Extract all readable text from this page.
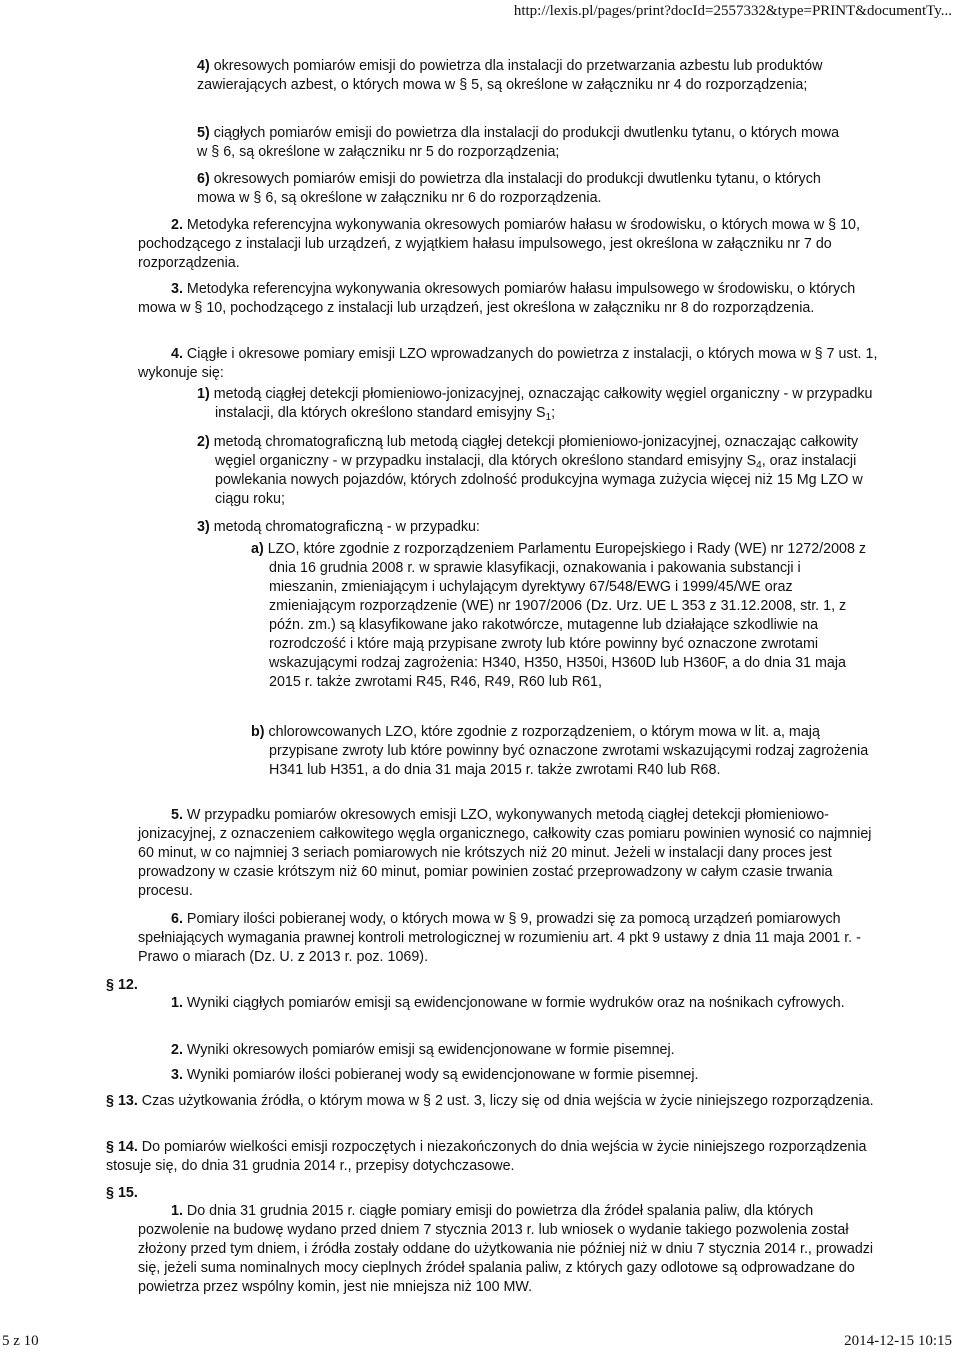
http://lexis.pl/pages/print?docId=2557332&type=PRINT&documentTy...

4) okresowych pomiarów emisji do powietrza dla instalacji do przetwarzania azbestu lub produktów zawierających azbest, o których mowa w § 5, są określone w załączniku nr 4 do rozporządzenia;

5) ciągłych pomiarów emisji do powietrza dla instalacji do produkcji dwutlenku tytanu, o których mowa w § 6, są określone w załączniku nr 5 do rozporządzenia;

6) okresowych pomiarów emisji do powietrza dla instalacji do produkcji dwutlenku tytanu, o których mowa w § 6, są określone w załączniku nr 6 do rozporządzenia.

2. Metodyka referencyjna wykonywania okresowych pomiarów hałasu w środowisku, o których mowa w § 10, pochodzącego z instalacji lub urządzeń, z wyjątkiem hałasu impulsowego, jest określona w załączniku nr 7 do rozporządzenia.

3. Metodyka referencyjna wykonywania okresowych pomiarów hałasu impulsowego w środowisku, o których mowa w § 10, pochodzącego z instalacji lub urządzeń, jest określona w załączniku nr 8 do rozporządzenia.

4. Ciągłe i okresowe pomiary emisji LZO wprowadzanych do powietrza z instalacji, o których mowa w § 7 ust. 1, wykonuje się:

1) metodą ciągłej detekcji płomieniowo-jonizacyjnej, oznaczając całkowity węgiel organiczny - w przypadku instalacji, dla których określono standard emisyjny $S_1$;

2) metodą chromatograficzną lub metodą ciągłej detekcji płomieniowo-jonizacyjnej, oznaczając całkowity węgiel organiczny - w przypadku instalacji, dla których określono standard emisyjny $S_4$, oraz instalacji powlekania nowych pojazdów, których zdolność produkcyjna wymaga zużycia więcej niż 15 Mg LZO w ciągu roku;

3) metodą chromatograficzną - w przypadku:

a) LZO, które zgodnie z rozporządzeniem Parlamentu Europejskiego i Rady (WE) nr 1272/2008 z dnia 16 grudnia 2008 r. w sprawie klasyfikacji, oznakowania i pakowania substancji i mieszanin, zmieniającym i uchylającym dyrektywy 67/548/EWG i 1999/45/WE oraz zmieniającym rozporządzenie (WE) nr 1907/2006 (Dz. Urz. UE L 353 z 31.12.2008, str. 1, z późn. zm.) są klasyfikowane jako rakotwórcze, mutagenne lub działające szkodliwie na rozrodczość i które mają przypisane zwroty lub które powinny być oznaczone zwrotami wskazującymi rodzaj zagrożenia: H340, H350, H350i, H360D lub H360F, a do dnia 31 maja 2015 r. także zwrotami R45, R46, R49, R60 lub R61,

b) chlorowcowanych LZO, które zgodnie z rozporządzeniem, o którym mowa w lit. a, mają przypisane zwroty lub które powinny być oznaczone zwrotami wskazującymi rodzaj zagrożenia H341 lub H351, a do dnia 31 maja 2015 r. także zwrotami R40 lub R68.

5. W przypadku pomiarów okresowych emisji LZO, wykonywanych metodą ciągłej detekcji płomieniowo-jonizacyjnej, z oznaczeniem całkowitego węgla organicznego, całkowity czas pomiaru powinien wynosić co najmniej 60 minut, w co najmniej 3 seriach pomiarowych nie krótszych niż 20 minut. Jeżeli w instalacji dany proces jest prowadzony w czasie krótszym niż 60 minut, pomiar powinien zostać przeprowadzony w całym czasie trwania procesu.

6. Pomiary ilości pobieranej wody, o których mowa w § 9, prowadzi się za pomocą urządzeń pomiarowych spełniających wymagania prawnej kontroli metrologicznej w rozumieniu art. 4 pkt 9 ustawy z dnia 11 maja 2001 r. - Prawo o miarach (Dz. U. z 2013 r. poz. 1069).

§ 12.

1. Wyniki ciągłych pomiarów emisji są ewidencjonowane w formie wydruków oraz na nośnikach cyfrowych.

2. Wyniki okresowych pomiarów emisji są ewidencjonowane w formie pisemnej.

3. Wyniki pomiarów ilości pobieranej wody są ewidencjonowane w formie pisemnej.

§ 13. Czas użytkowania źródła, o którym mowa w § 2 ust. 3, liczy się od dnia wejścia w życie niniejszego rozporządzenia.

§ 14. Do pomiarów wielkości emisji rozpoczętych i niezakończonych do dnia wejścia w życie niniejszego rozporządzenia stosuje się, do dnia 31 grudnia 2014 r., przepisy dotychczasowe.

§ 15.

1. Do dnia 31 grudnia 2015 r. ciągłe pomiary emisji do powietrza dla źródeł spalania paliw, dla których pozwolenie na budowę wydano przed dniem 7 stycznia 2013 r. lub wniosek o wydanie takiego pozwolenia został złożony przed tym dniem, i źródła zostały oddane do użytkowania nie później niż w dniu 7 stycznia 2014 r., prowadzi się, jeżeli suma nominalnych mocy cieplnych źródeł spalania paliw, z których gazy odlotowe są odprowadzane do powietrza przez wspólny komin, jest nie mniejsza niż 100 MW.

5 z 10	2014-12-15 10:15
